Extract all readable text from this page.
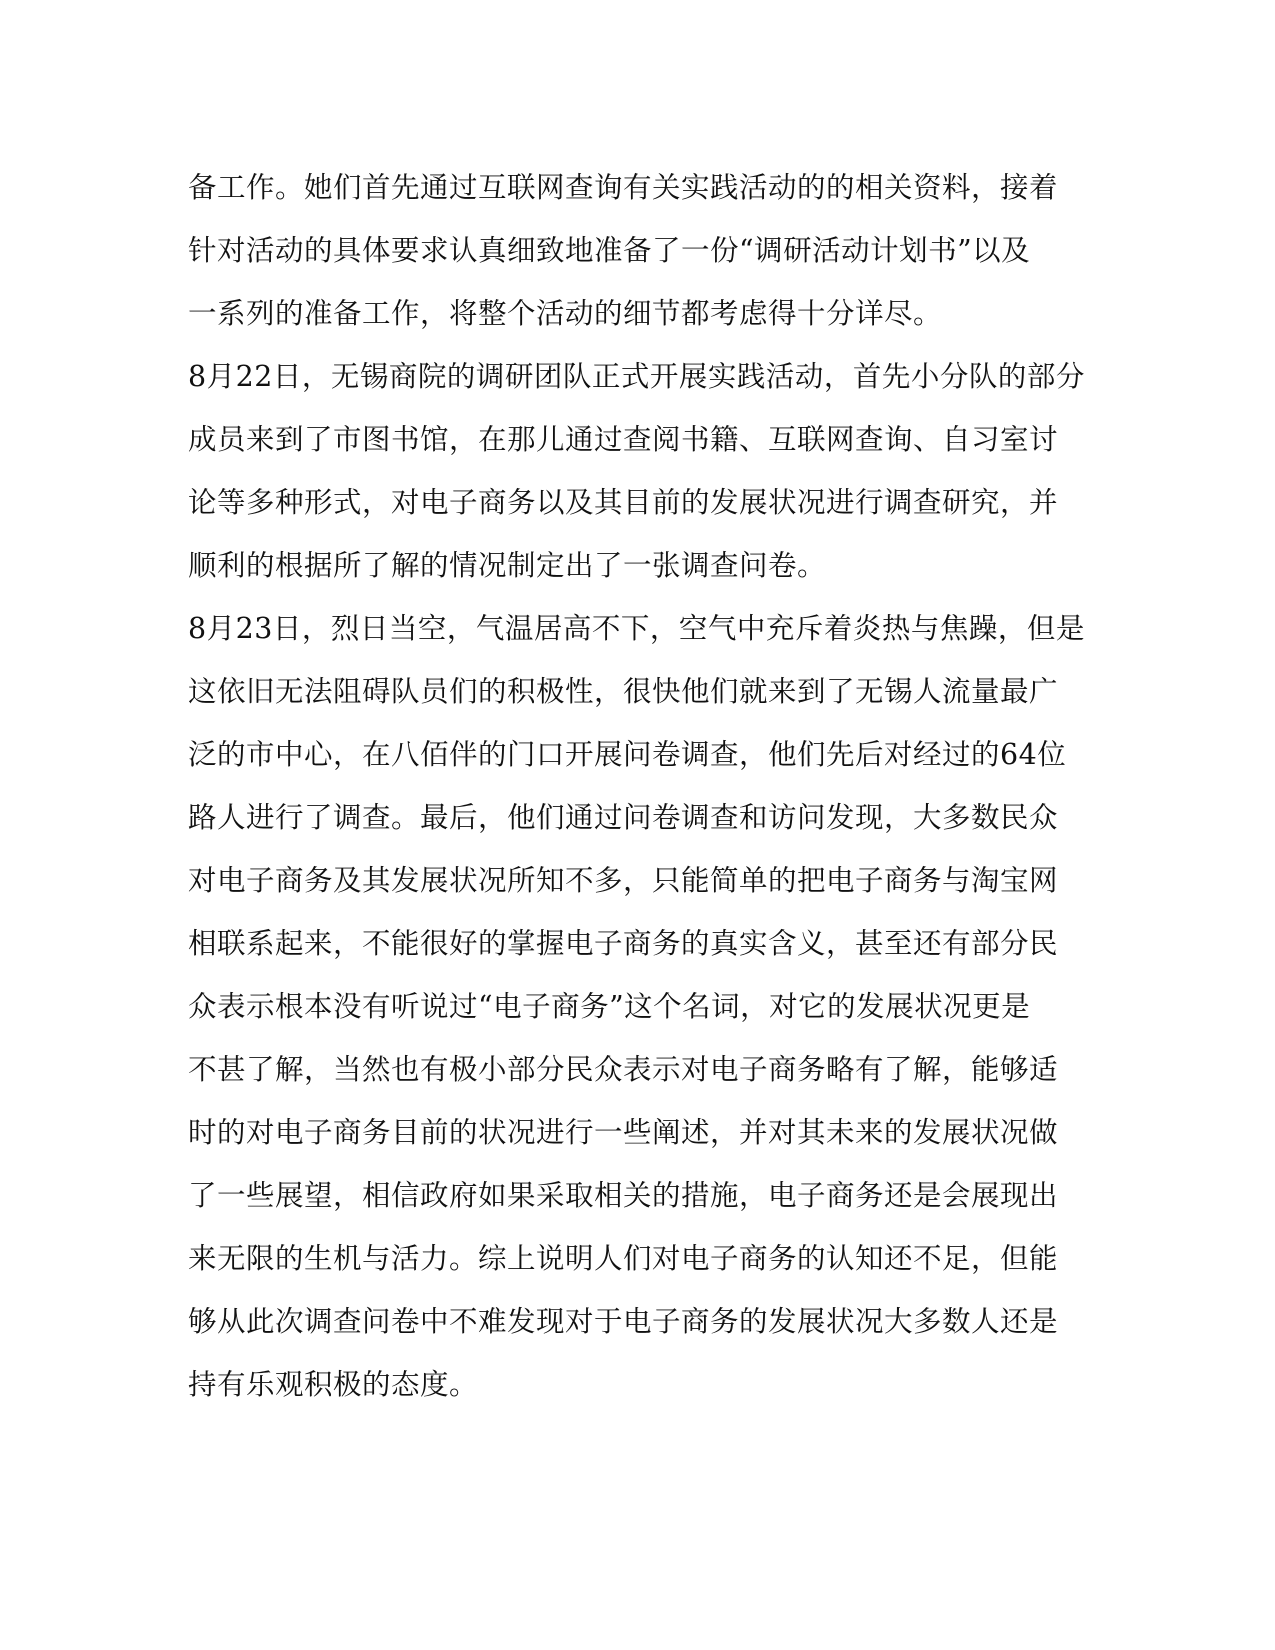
备工作。她们首先通过互联网查询有关实践活动的的相关资料，接着
针对活动的具体要求认真细致地准备了一份“调研活动计划书”以及
一系列的准备工作，将整个活动的细节都考虑得十分详尽。
8月22日，无锡商院的调研团队正式开展实践活动，首先小分队的部分
成员来到了市图书馆，在那儿通过查阅书籍、互联网查询、自习室讨
论等多种形式，对电子商务以及其目前的发展状况进行调查研究，并
顺利的根据所了解的情况制定出了一张调查问卷。
8月23日，烈日当空，气温居高不下，空气中充斥着炎热与焦躁，但是
这依旧无法阻碍队员们的积极性，很快他们就来到了无锡人流量最广
泛的市中心，在八佰伴的门口开展问卷调查，他们先后对经过的64位
路人进行了调查。最后，他们通过问卷调查和访问发现，大多数民众
对电子商务及其发展状况所知不多，只能简单的把电子商务与淘宝网
相联系起来，不能很好的掌握电子商务的真实含义，甚至还有部分民
众表示根本没有听说过“电子商务”这个名词，对它的发展状况更是
不甚了解，当然也有极小部分民众表示对电子商务略有了解，能够适
时的对电子商务目前的状况进行一些阐述，并对其未来的发展状况做
了一些展望，相信政府如果采取相关的措施，电子商务还是会展现出
来无限的生机与活力。综上说明人们对电子商务的认知还不足，但能
够从此次调查问卷中不难发现对于电子商务的发展状况大多数人还是
持有乐观积极的态度。
